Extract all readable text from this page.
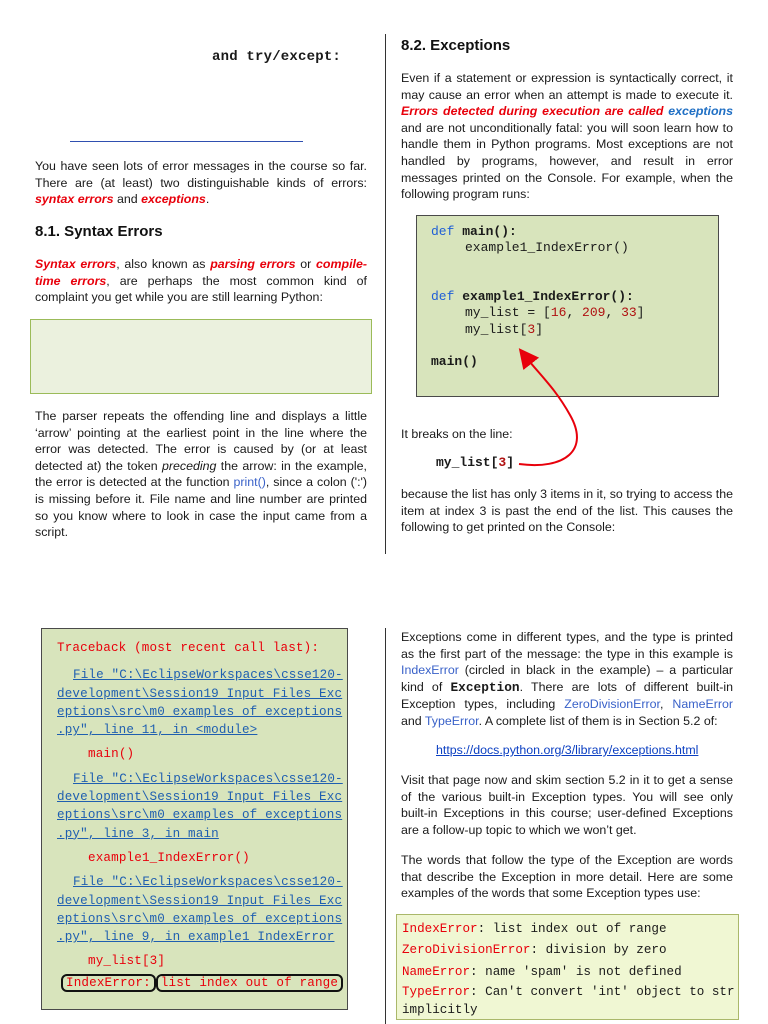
and try/except:
You have seen lots of error messages in the course so far. There are (at least) two distinguishable kinds of errors: syntax errors and exceptions.
8.1. Syntax Errors
Syntax errors, also known as parsing errors or compile-time errors, are perhaps the most common kind of complaint you get while you are still learning Python:
The parser repeats the offending line and displays a little ‘arrow’ pointing at the earliest point in the line where the error was detected. The error is caused by (or at least detected at) the token preceding the arrow: in the example, the error is detected at the function print(), since a colon (':') is missing before it. File name and line number are printed so you know where to look in case the input came from a script.
8.2. Exceptions
Even if a statement or expression is syntactically correct, it may cause an error when an attempt is made to execute it. Errors detected during execution are called exceptions and are not unconditionally fatal: you will soon learn how to handle them in Python programs. Most exceptions are not handled by programs, however, and result in error messages printed on the Console. For example, when the following program runs:
def main():
example1_IndexError()
def example1_IndexError():
my_list = [16, 209, 33]
my_list[3]
main()
It breaks on the line:
my_list[3]
because the list has only 3 items in it, so trying to access the item at index 3 is past the end of the list. This causes the following to get printed on the Console:
Traceback (most recent call last):
File "C:\EclipseWorkspaces\csse120-
development\Session19 Input Files Exc
eptions\src\m0_examples_of_exceptions
.py", line 11, in <module>
main()
File "C:\EclipseWorkspaces\csse120-
development\Session19 Input Files Exc
eptions\src\m0 examples of exceptions
.py", line 3, in main
example1_IndexError()
File "C:\EclipseWorkspaces\csse120-
development\Session19 Input Files Exc
eptions\src\m0 examples of exceptions
.py", line 9, in example1 IndexError
my_list[3]
IndexError: list index out of range
Exceptions come in different types, and the type is printed as the first part of the message: the type in this example is IndexError (circled in black in the example) – a particular kind of Exception. There are lots of different built-in Exception types, including ZeroDivisionError, NameError and TypeError. A complete list of them is in Section 5.2 of:
https://docs.python.org/3/library/exceptions.html
Visit that page now and skim section 5.2 in it to get a sense of the various built-in Exception types. You will see only built-in Exceptions in this course; user-defined Exceptions are a follow-up topic to which we won’t get.
The words that follow the type of the Exception are words that describe the Exception in more detail. Here are some examples of the words that some Exception types use:
IndexError: list index out of range
ZeroDivisionError: division by zero
NameError: name 'spam' is not defined
TypeError: Can't convert 'int' object to str
implicitly
